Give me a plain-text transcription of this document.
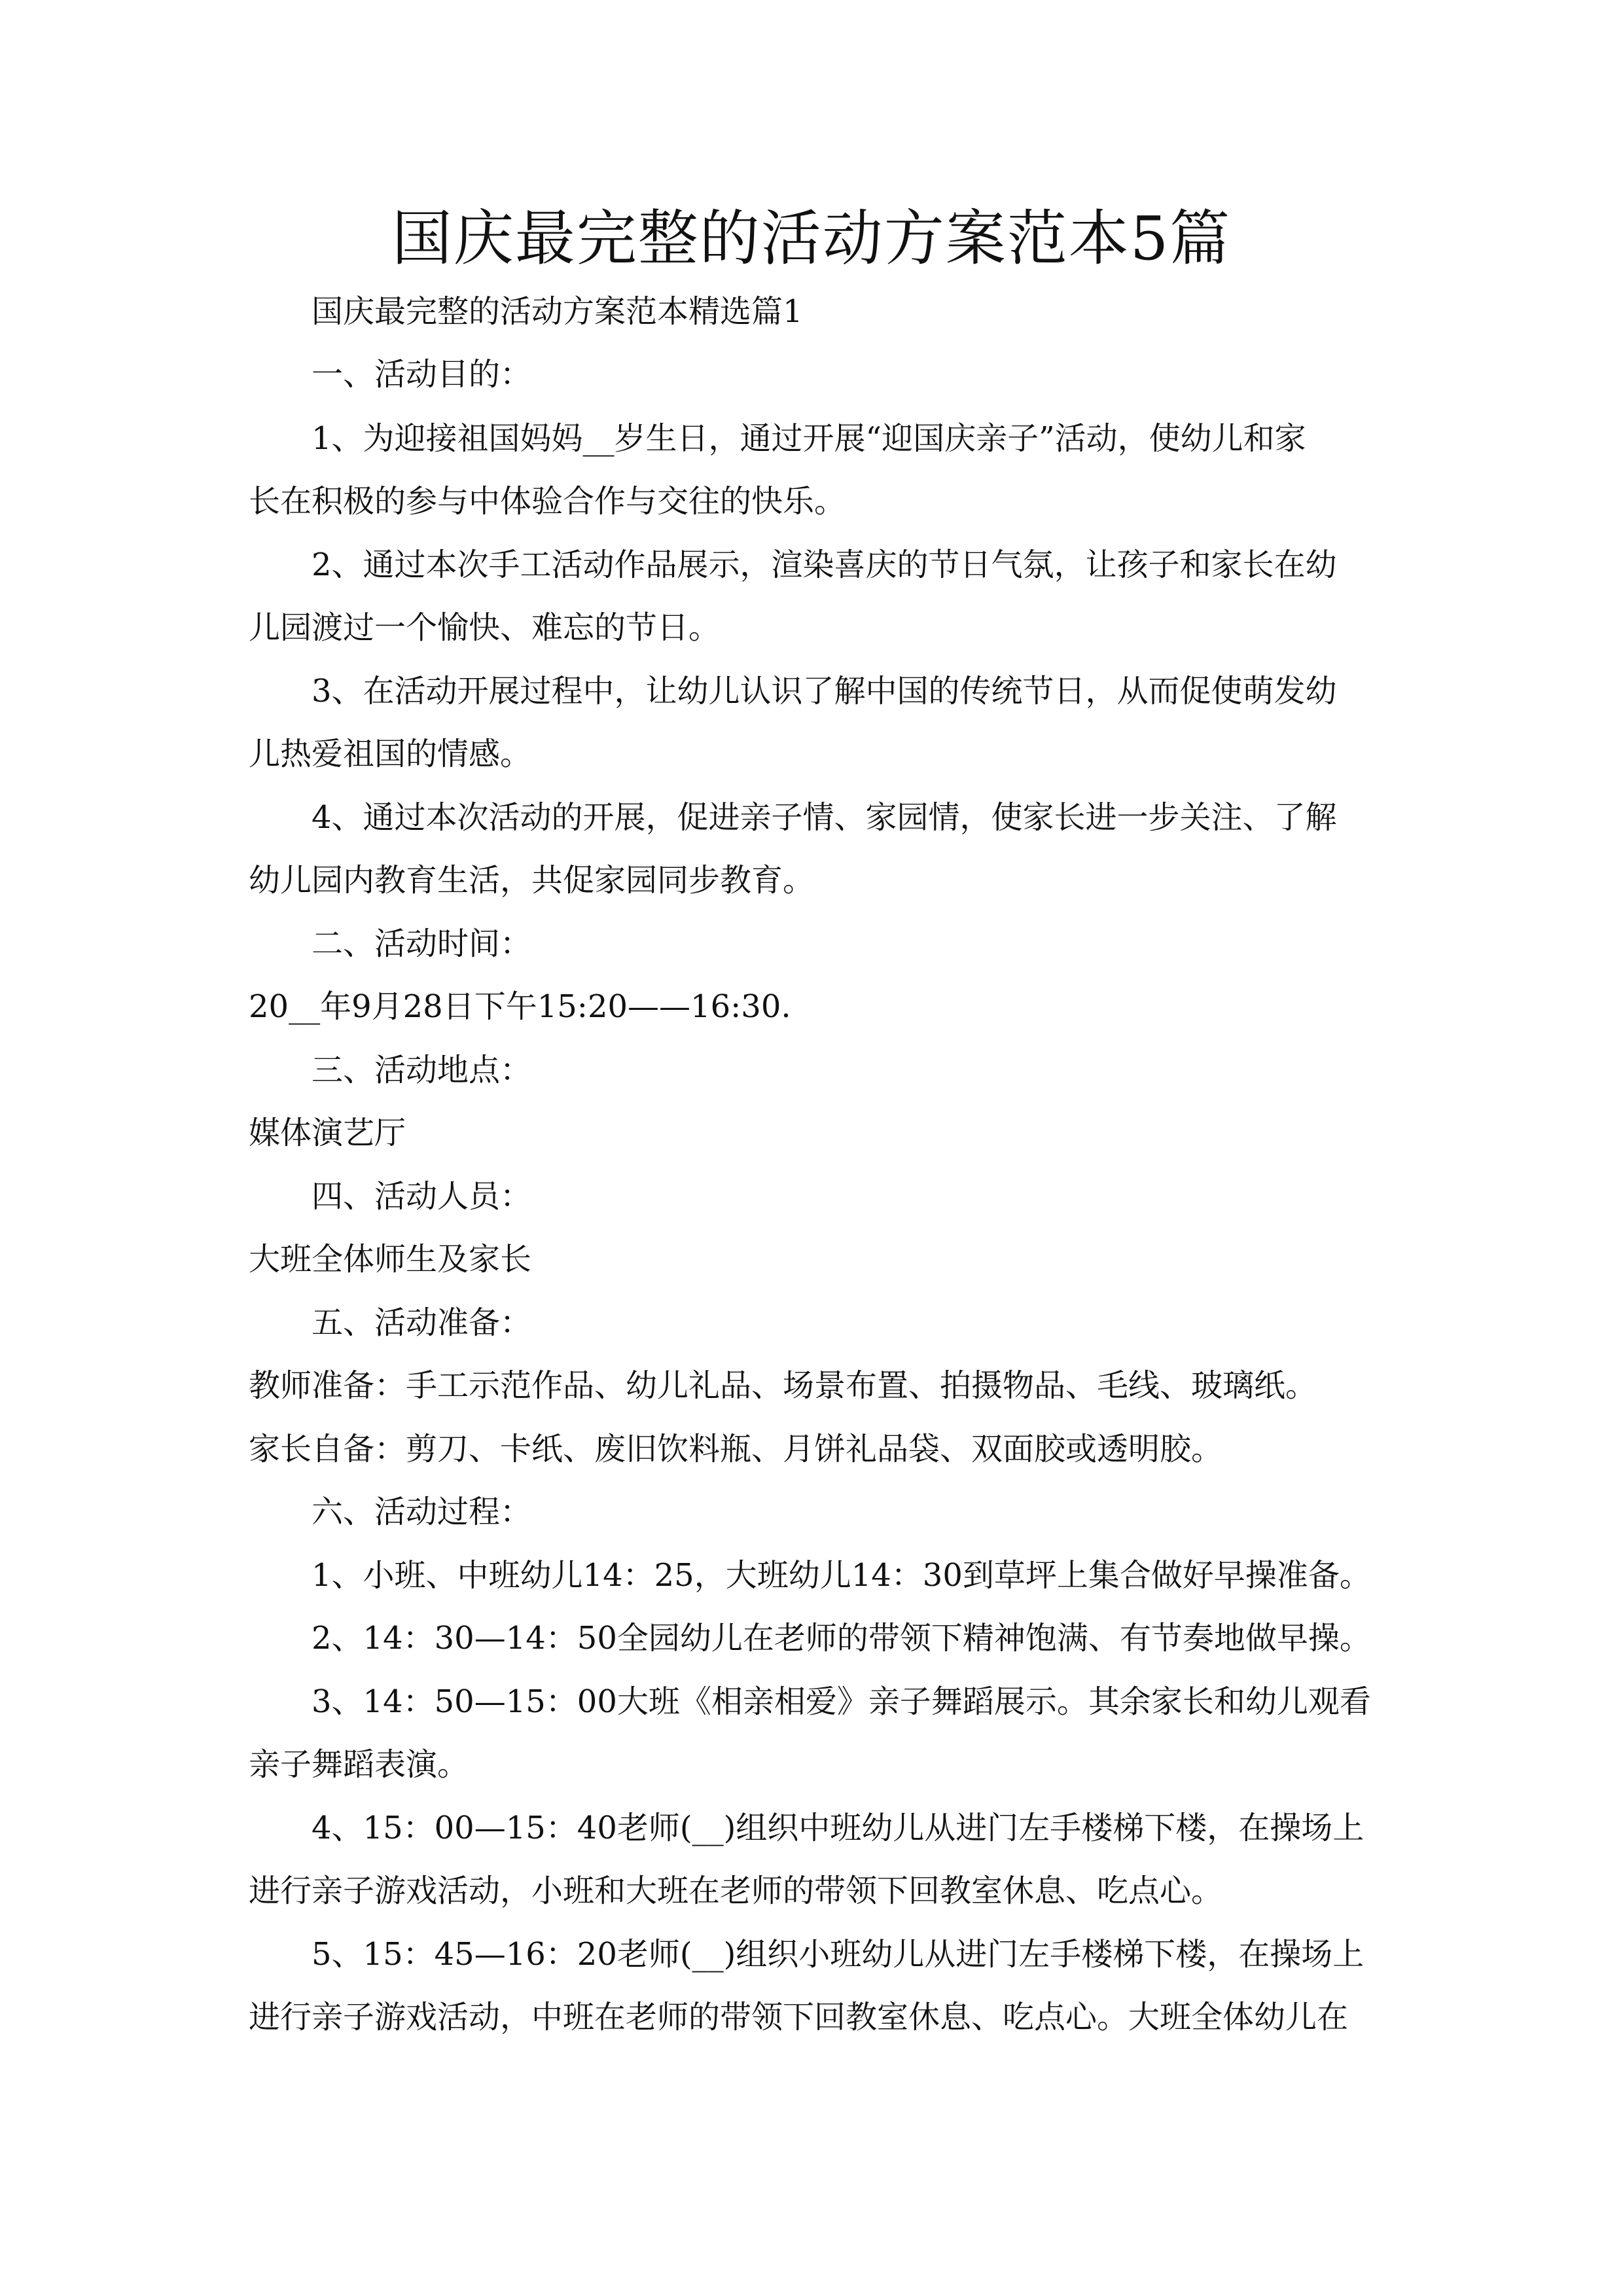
国庆最完整的活动方案范本5篇
国庆最完整的活动方案范本精选篇1
一、活动目的：
1、为迎接祖国妈妈__岁生日，通过开展“迎国庆亲子”活动，使幼儿和家
长在积极的参与中体验合作与交往的快乐。
2、通过本次手工活动作品展示，渲染喜庆的节日气氛，让孩子和家长在幼
儿园渡过一个愉快、难忘的节日。
3、在活动开展过程中，让幼儿认识了解中国的传统节日，从而促使萌发幼
儿热爱祖国的情感。
4、通过本次活动的开展，促进亲子情、家园情，使家长进一步关注、了解
幼儿园内教育生活，共促家园同步教育。
二、活动时间：
20__年9月28日下午15:20——16:30.
三、活动地点：
媒体演艺厅
四、活动人员：
大班全体师生及家长
五、活动准备：
教师准备：手工示范作品、幼儿礼品、场景布置、拍摄物品、毛线、玻璃纸。
家长自备：剪刀、卡纸、废旧饮料瓶、月饼礼品袋、双面胶或透明胶。
六、活动过程：
1、小班、中班幼儿14：25，大班幼儿14：30到草坪上集合做好早操准备。
2、14：30—14：50全园幼儿在老师的带领下精神饱满、有节奏地做早操。
3、14：50—15：00大班《相亲相爱》亲子舞蹈展示。其余家长和幼儿观看
亲子舞蹈表演。
4、15：00—15：40老师(__)组织中班幼儿从进门左手楼梯下楼，在操场上
进行亲子游戏活动，小班和大班在老师的带领下回教室休息、吃点心。
5、15：45—16：20老师(__)组织小班幼儿从进门左手楼梯下楼，在操场上
进行亲子游戏活动，中班在老师的带领下回教室休息、吃点心。大班全体幼儿在
